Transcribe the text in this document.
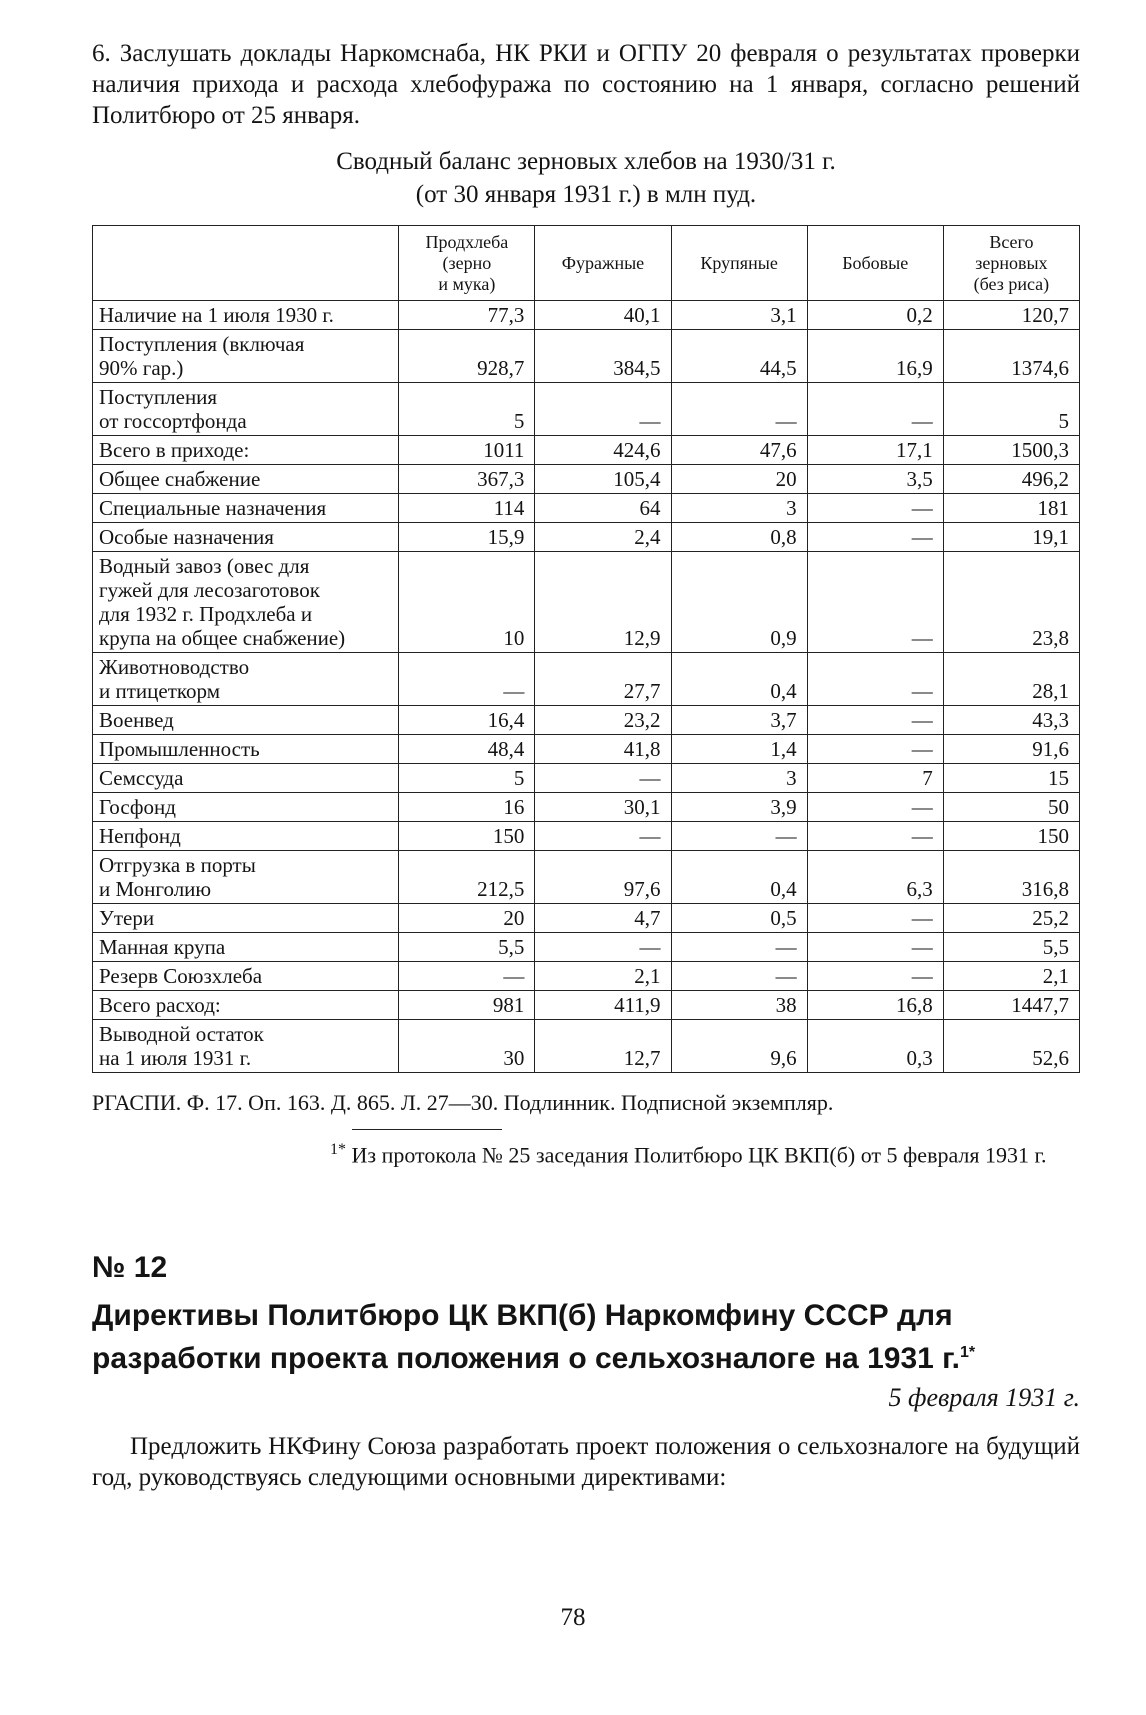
6. Заслушать доклады Наркомснаба, НК РКИ и ОГПУ 20 февраля о результатах проверки наличия прихода и расхода хлебофуража по состоянию на 1 января, согласно решений Политбюро от 25 января.

Сводный баланс зерновых хлебов на 1930/31 г.
(от 30 января 1931 г.) в млн пуд.
	Продхлеба
(зерно
и мука)	Фуражные	Крупяные	Бобовые	Всего
зерновых
(без риса)
Наличие на 1 июля 1930 г.	77,3	40,1	3,1	0,2	120,7
Поступления (включая
90% гар.)	928,7	384,5	44,5	16,9	1374,6
Поступления
от госсортфонда	5	—	—	—	5
Всего в приходе:	1011	424,6	47,6	17,1	1500,3
Общее снабжение	367,3	105,4	20	3,5	496,2
Специальные назначения	114	64	3	—	181
Особые назначения	15,9	2,4	0,8	—	19,1
Водный завоз (овес для
гужей для лесозаготовок
для 1932 г. Продхлеба и
крупа на общее снабжение)	10	12,9	0,9	—	23,8
Животноводство
и птицеткорм	—	27,7	0,4	—	28,1
Военвед	16,4	23,2	3,7	—	43,3
Промышленность	48,4	41,8	1,4	—	91,6
Семссуда	5	—	3	7	15
Госфонд	16	30,1	3,9	—	50
Непфонд	150	—	—	—	150
Отгрузка в порты
и Монголию	212,5	97,6	0,4	6,3	316,8
Утери	20	4,7	0,5	—	25,2
Манная крупа	5,5	—	—	—	5,5
Резерв Союзхлеба	—	2,1	—	—	2,1
Всего расход:	981	411,9	38	16,8	1447,7
Выводной остаток
на 1 июля 1931 г.	30	12,7	9,6	0,3	52,6
РГАСПИ. Ф. 17. Оп. 163. Д. 865. Л. 27—30. Подлинник. Подписной экземпляр.
$^{1*}$ Из протокола № 25 заседания Политбюро ЦК ВКП(б) от 5 февраля 1931 г.
№ 12
Директивы Политбюро ЦК ВКП(б) Наркомфину СССР для разработки проекта положения о сельхозналоге на 1931 г.$^{1*}$
5 февраля 1931 г.

Предложить НКФину Союза разработать проект положения о сельхозналоге на будущий год, руководствуясь следующими основными директивами:

78
